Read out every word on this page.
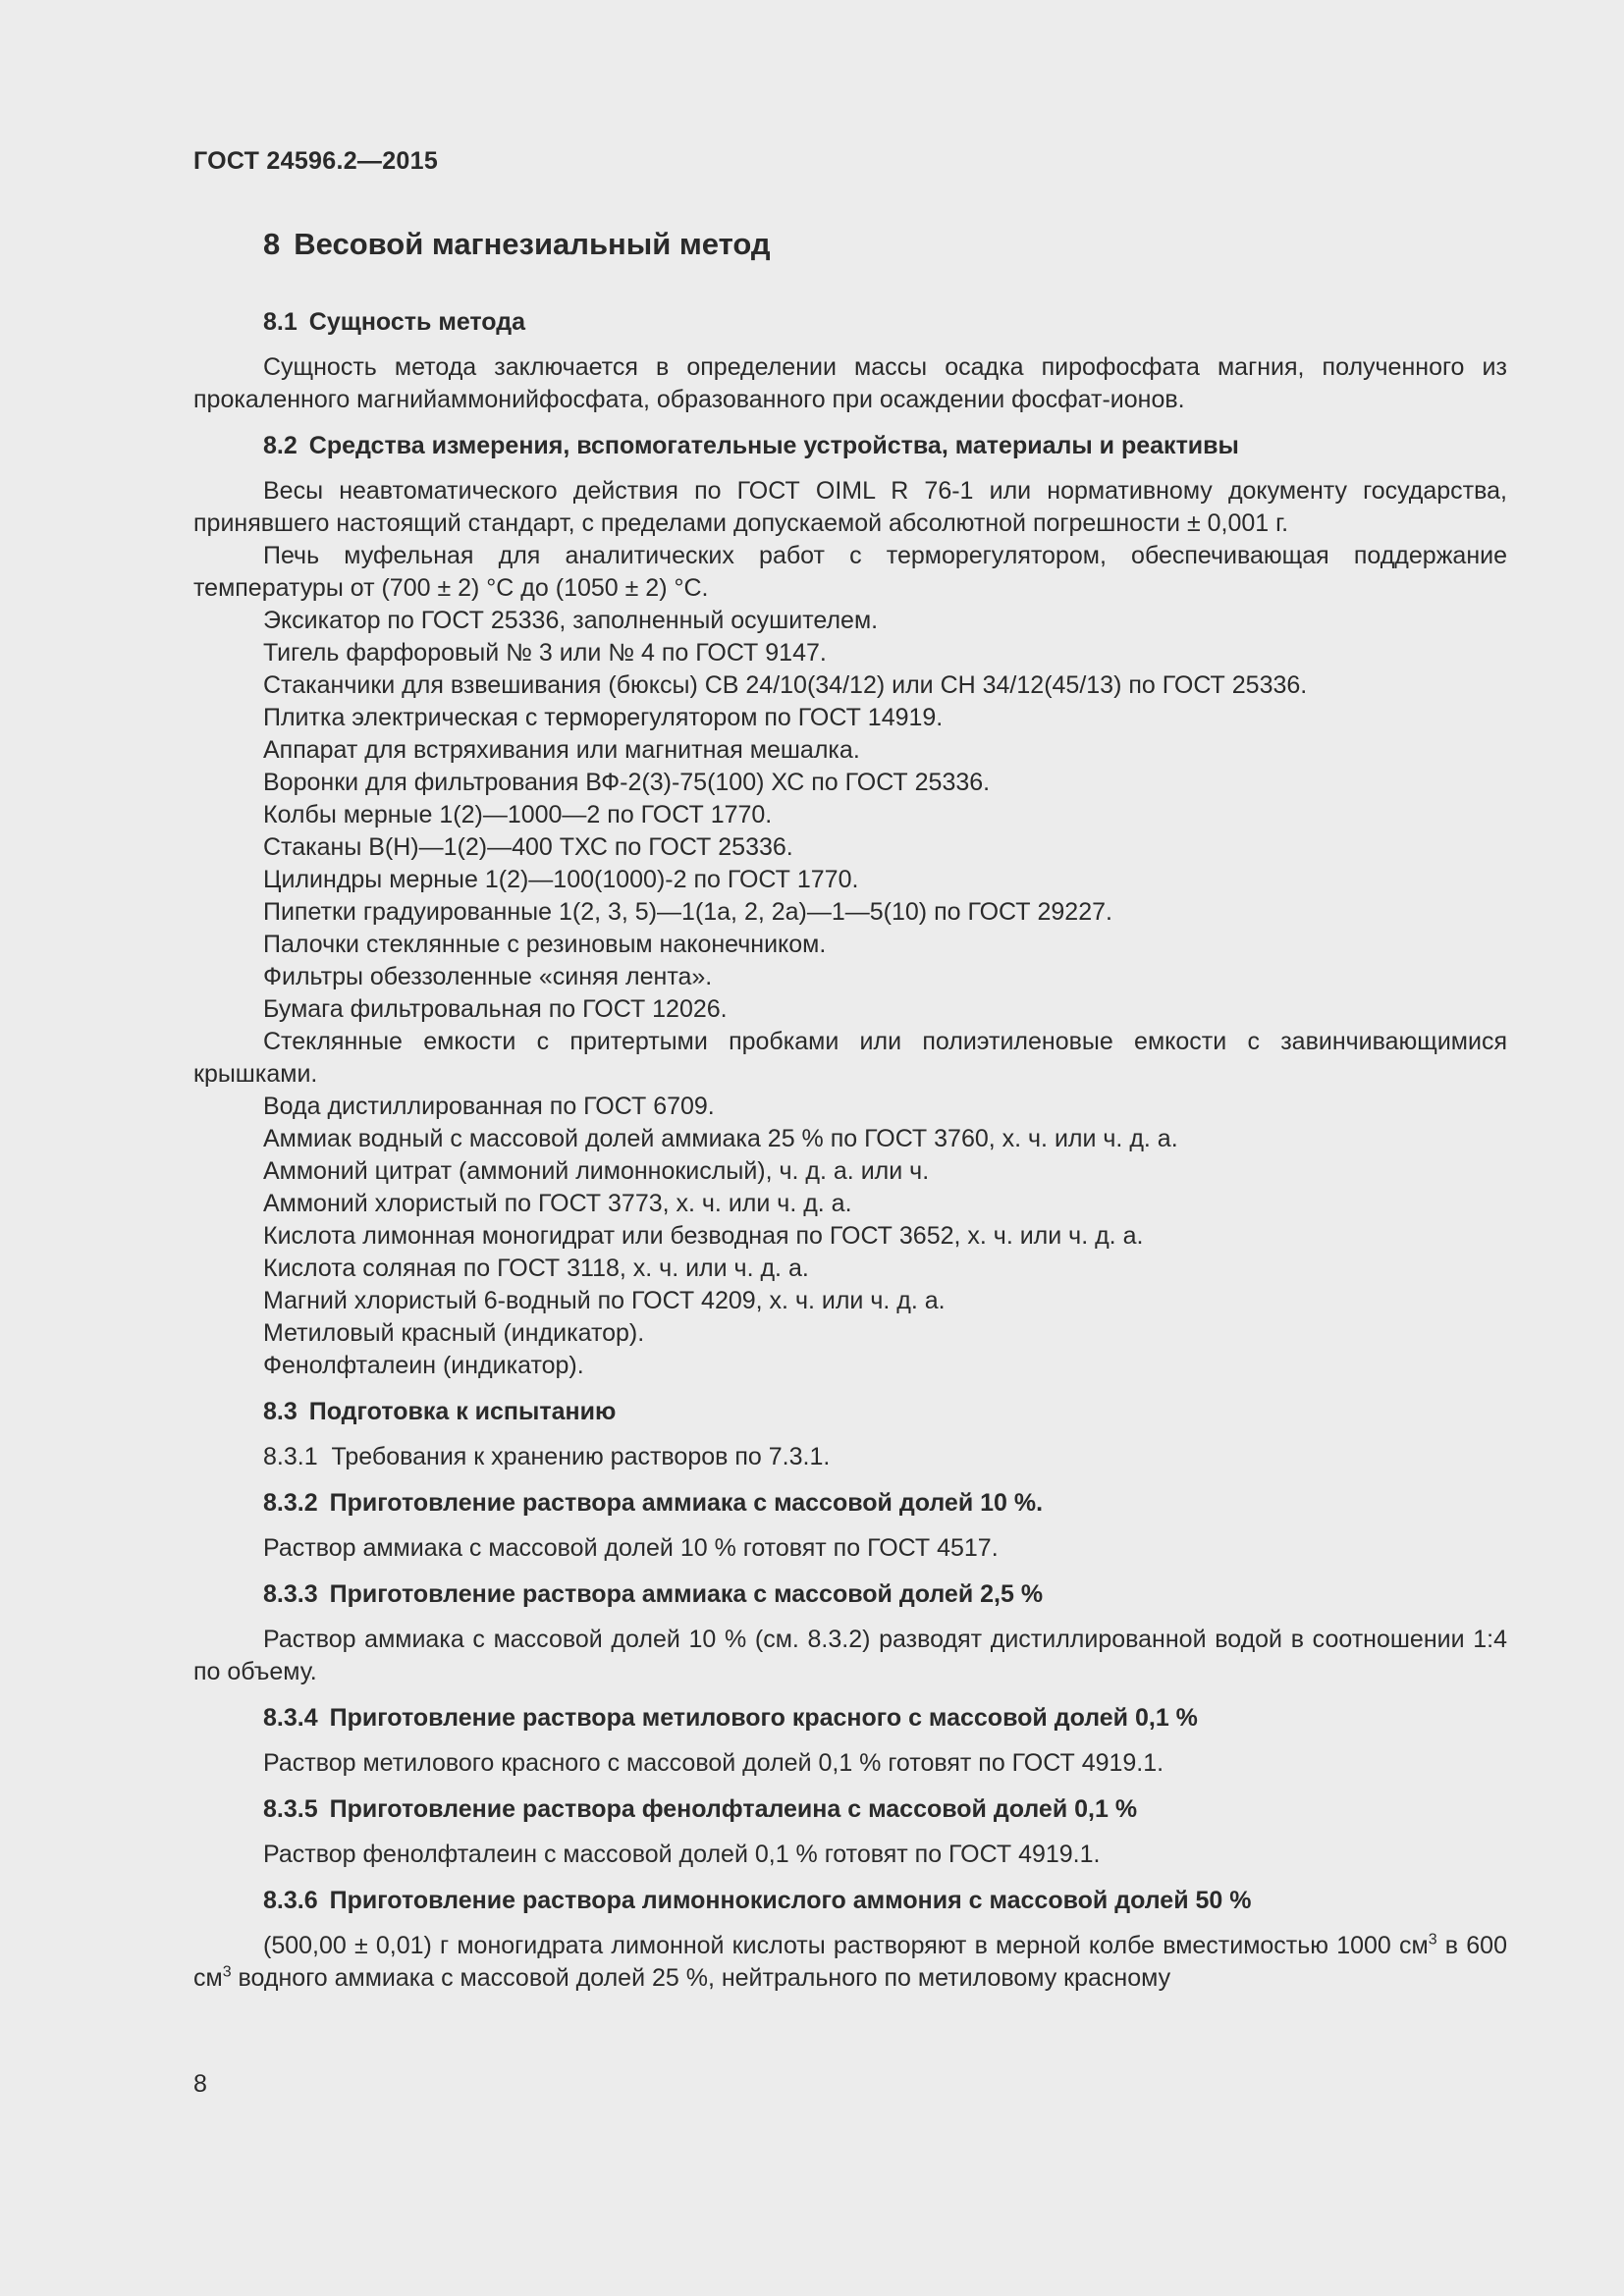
ГОСТ 24596.2—2015
8 Весовой магнезиальный метод
8.1 Сущность метода

Сущность метода заключается в определении массы осадка пирофосфата магния, полученного из прокаленного магнийаммонийфосфата, образованного при осаждении фосфат-ионов.

8.2 Средства измерения, вспомогательные устройства, материалы и реактивы

Весы неавтоматического действия по ГОСТ OIML R 76-1 или нормативному документу государства, принявшего настоящий стандарт, с пределами допускаемой абсолютной погрешности ± 0,001 г.

Печь муфельная для аналитических работ с терморегулятором, обеспечивающая поддержание температуры от (700 ± 2) °С до (1050 ± 2) °С.

Эксикатор по ГОСТ 25336, заполненный осушителем.

Тигель фарфоровый № 3 или № 4 по ГОСТ 9147.

Стаканчики для взвешивания (бюксы) СВ 24/10(34/12) или СН 34/12(45/13) по ГОСТ 25336.

Плитка электрическая с терморегулятором по ГОСТ 14919.

Аппарат для встряхивания или магнитная мешалка.

Воронки для фильтрования ВФ-2(3)-75(100) ХС по ГОСТ 25336.

Колбы мерные 1(2)—1000—2 по ГОСТ 1770.

Стаканы В(Н)—1(2)—400 ТХС по ГОСТ 25336.

Цилиндры мерные 1(2)—100(1000)-2 по ГОСТ 1770.

Пипетки градуированные 1(2, 3, 5)—1(1а, 2, 2а)—1—5(10) по ГОСТ 29227.

Палочки стеклянные с резиновым наконечником.

Фильтры обеззоленные «синяя лента».

Бумага фильтровальная по ГОСТ 12026.

Стеклянные емкости с притертыми пробками или полиэтиленовые емкости с завинчивающимися крышками.

Вода дистиллированная по ГОСТ 6709.

Аммиак водный с массовой долей аммиака 25 % по ГОСТ 3760, х. ч. или ч. д. а.

Аммоний цитрат (аммоний лимоннокислый), ч. д. а. или ч.

Аммоний хлористый по ГОСТ 3773, х. ч. или ч. д. а.

Кислота лимонная моногидрат или безводная по ГОСТ 3652, х. ч. или ч. д. а.

Кислота соляная по ГОСТ 3118, х. ч. или ч. д. а.

Магний хлористый 6-водный по ГОСТ 4209, х. ч. или ч. д. а.

Метиловый красный (индикатор).

Фенолфталеин (индикатор).

8.3 Подготовка к испытанию

8.3.1 Требования к хранению растворов по 7.3.1.

8.3.2 Приготовление раствора аммиака с массовой долей 10 %.

Раствор аммиака с массовой долей 10 % готовят по ГОСТ 4517.

8.3.3 Приготовление раствора аммиака с массовой долей 2,5 %

Раствор аммиака с массовой долей 10 % (см. 8.3.2) разводят дистиллированной водой в соотношении 1:4 по объему.

8.3.4 Приготовление раствора метилового красного с массовой долей 0,1 %

Раствор метилового красного с массовой долей 0,1 % готовят по ГОСТ 4919.1.

8.3.5 Приготовление раствора фенолфталеина с массовой долей 0,1 %

Раствор фенолфталеин с массовой долей 0,1 % готовят по ГОСТ 4919.1.

8.3.6 Приготовление раствора лимоннокислого аммония с массовой долей 50 %

(500,00 ± 0,01) г моногидрата лимонной кислоты растворяют в мерной колбе вместимостью 1000 $см^3$ в 600 $см^3$ водного аммиака с массовой долей 25 %, нейтрального по метиловому красному

8
